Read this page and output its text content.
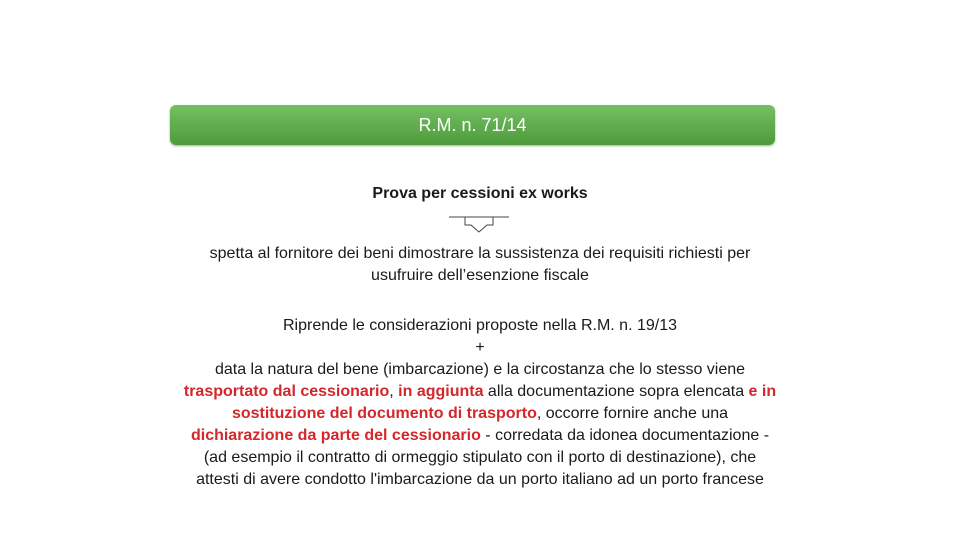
R.M. n. 71/14
Prova per cessioni ex works
spetta al fornitore dei beni dimostrare la sussistenza dei requisiti richiesti per
usufruire dell’esenzione fiscale
Riprende le considerazioni proposte nella R.M. n. 19/13
+
data la natura del bene (imbarcazione) e la circostanza che lo stesso viene
trasportato dal cessionario, in aggiunta alla documentazione sopra elencata e in
sostituzione del documento di trasporto, occorre fornire anche una
dichiarazione da parte del cessionario - corredata da idonea documentazione -
(ad esempio il contratto di ormeggio stipulato con il porto di destinazione), che
attesti di avere condotto l'imbarcazione da un porto italiano ad un porto francese
